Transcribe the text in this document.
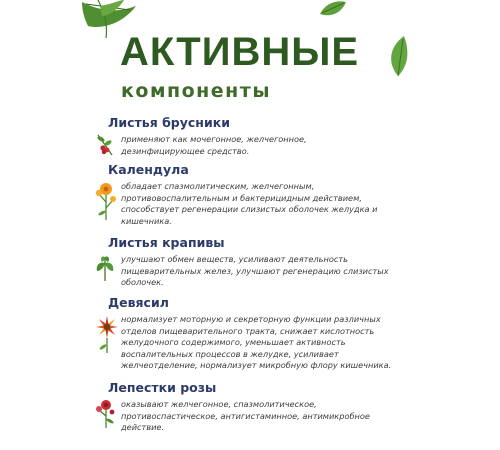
АКТИВНЫЕ
компоненты
Листья брусники

применяют как мочегонное, желчегонное, дезинфицирующее средство.

Календула

обладает спазмолитическим, желчегонным, противовоспалительным и бактерицидным действием, способствует регенерации слизистых оболочек желудка и кишечника.

Листья крапивы

улучшают обмен веществ, усиливают деятельность пищеварительных желез, улучшают регенерацию слизистых оболочек.

Девясил

нормализует моторную и секреторную функции различных отделов пищеварительного тракта, снижает кислотность желудочного содержимого, уменьшает активность воспалительных процессов в желудке, усиливает желчеотделение, нормализует микробную флору кишечника.

Лепестки розы

оказывают желчегонное, спазмолитическое, противоспастическое, антигистаминное, антимикробное действие.
